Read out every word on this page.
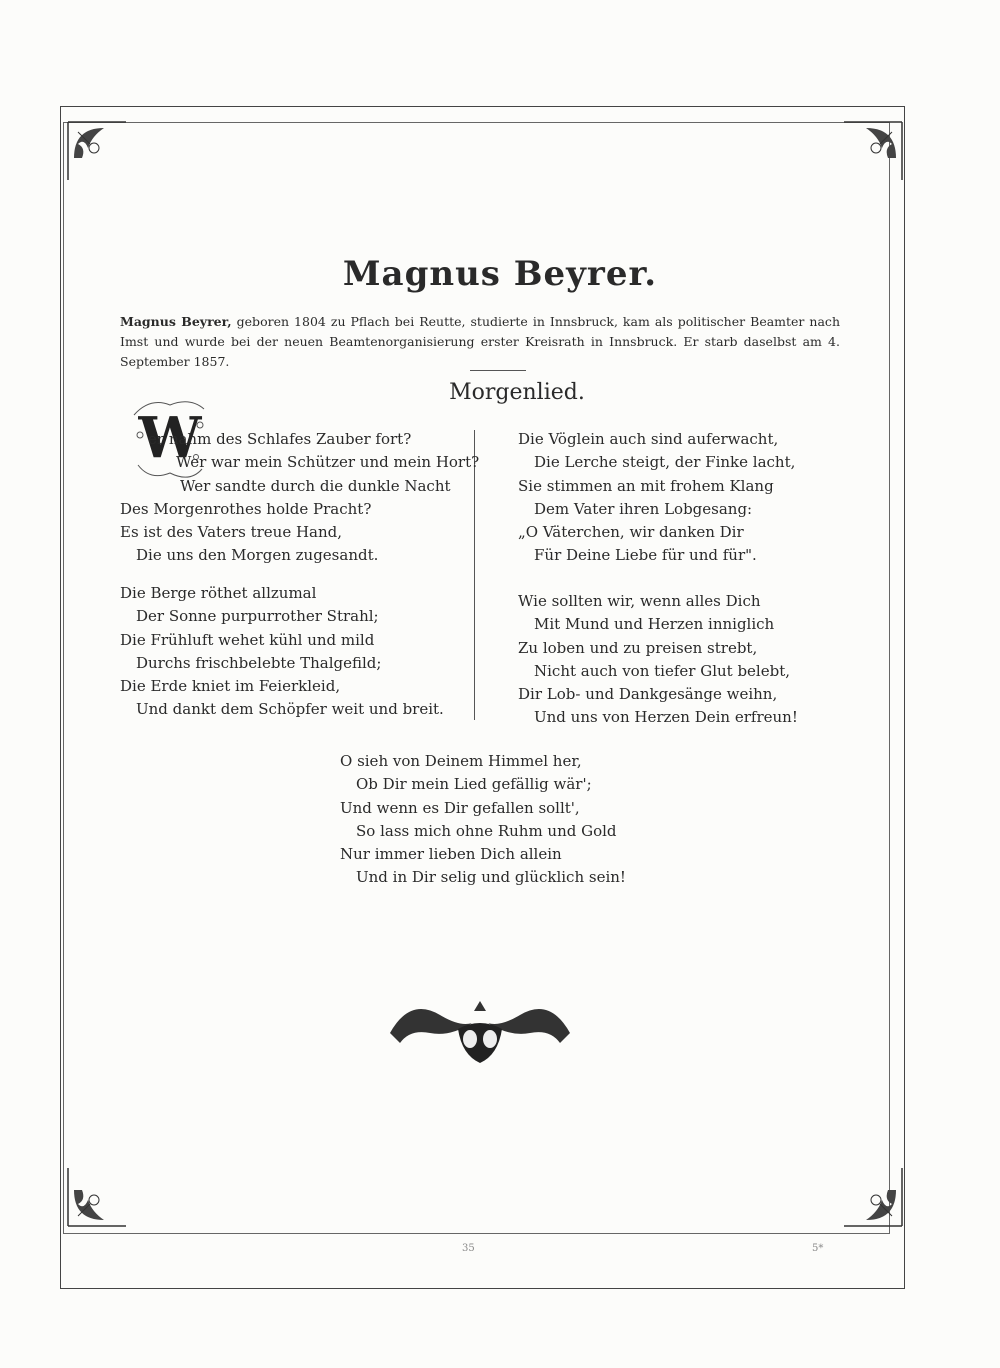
Magnus Beyrer.
Magnus Beyrer, geboren 1804 zu Pflach bei Reutte, studierte in Innsbruck, kam als politischer Beamter nach Imst und wurde bei der neuen Beamtenorganisierung erster Kreisrath in Innsbruck. Er starb daselbst am 4. September 1857.
Morgenlied.
W
er nahm des Schlafes Zauber fort?
Wer war mein Schützer und mein Hort?
Wer sandte durch die dunkle Nacht
Des Morgenrothes holde Pracht?
Es ist des Vaters treue Hand,
Die uns den Morgen zugesandt.
Die Berge röthet allzumal
Der Sonne purpurrother Strahl;
Die Frühluft wehet kühl und mild
Durchs frischbelebte Thalgefild;
Die Erde kniet im Feierkleid,
Und dankt dem Schöpfer weit und breit.
Die Vöglein auch sind auferwacht,
Die Lerche steigt, der Finke lacht,
Sie stimmen an mit frohem Klang
Dem Vater ihren Lobgesang:
„O Väterchen, wir danken Dir
Für Deine Liebe für und für".
Wie sollten wir, wenn alles Dich
Mit Mund und Herzen inniglich
Zu loben und zu preisen strebt,
Nicht auch von tiefer Glut belebt,
Dir Lob- und Dankgesänge weihn,
Und uns von Herzen Dein erfreun!
O sieh von Deinem Himmel her,
Ob Dir mein Lied gefällig wär';
Und wenn es Dir gefallen sollt',
So lass mich ohne Ruhm und Gold
Nur immer lieben Dich allein
Und in Dir selig und glücklich sein!
35	5*
